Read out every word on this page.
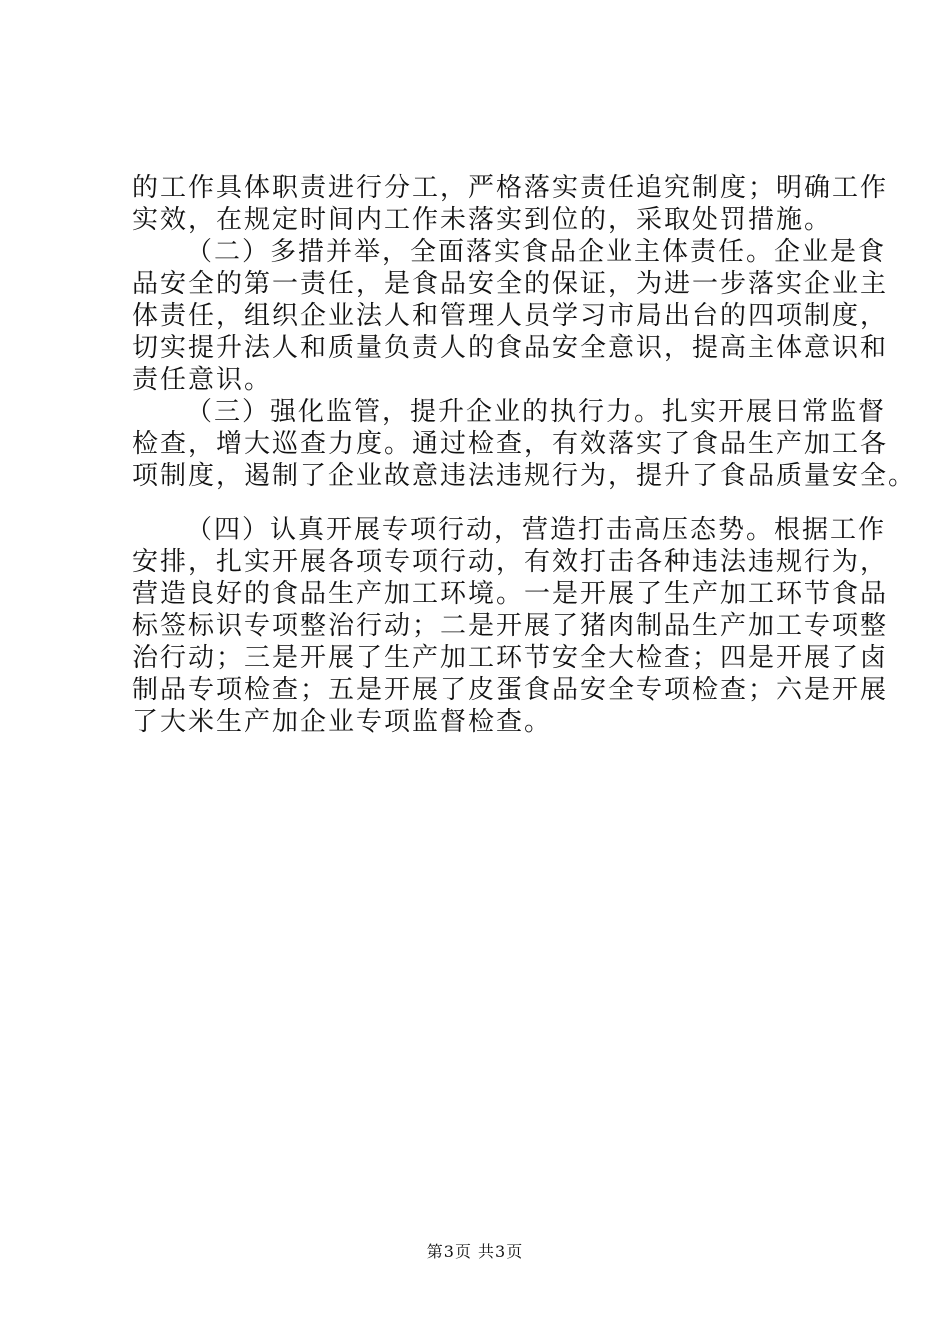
的工作具体职责进行分工，严格落实责任追究制度；明确工作
实效，在规定时间内工作未落实到位的，采取处罚措施。
（二）多措并举，全面落实食品企业主体责任。企业是食
品安全的第一责任，是食品安全的保证，为进一步落实企业主
体责任，组织企业法人和管理人员学习市局出台的四项制度，
切实提升法人和质量负责人的食品安全意识，提高主体意识和
责任意识。
（三）强化监管，提升企业的执行力。扎实开展日常监督
检查，增大巡查力度。通过检查，有效落实了食品生产加工各
项制度，遏制了企业故意违法违规行为，提升了食品质量安全。
（四）认真开展专项行动，营造打击高压态势。根据工作
安排，扎实开展各项专项行动，有效打击各种违法违规行为，
营造良好的食品生产加工环境。一是开展了生产加工环节食品
标签标识专项整治行动；二是开展了猪肉制品生产加工专项整
治行动；三是开展了生产加工环节安全大检查；四是开展了卤
制品专项检查；五是开展了皮蛋食品安全专项检查；六是开展
了大米生产加企业专项监督检查。
第3页 共3页
